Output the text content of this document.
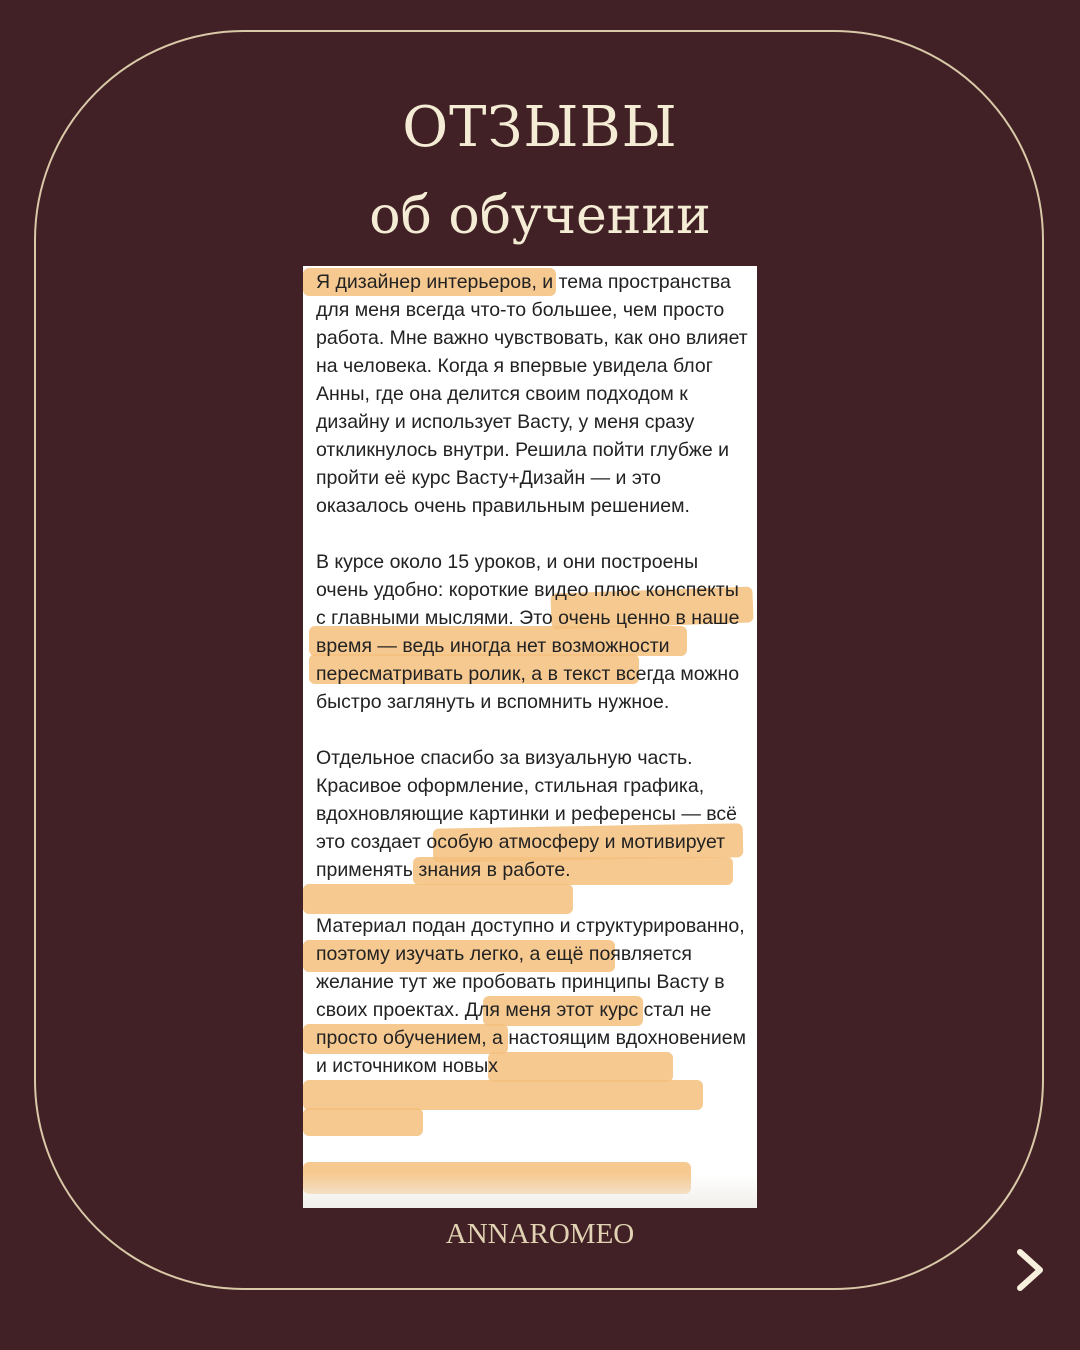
ОТЗЫВЫ
об обучении

Я дизайнер интерьеров, и тема пространства для меня всегда что-то большее, чем просто работа. Мне важно чувствовать, как оно влияет на человека. Когда я впервые увидела блог Анны, где она делится своим подходом к дизайну и использует Васту, у меня сразу откликнулось внутри. Решила пойти глубже и пройти её курс Васту+Дизайн — и это оказалось очень правильным решением.

В курсе около 15 уроков, и они построены очень удобно: короткие видео плюс конспекты с главными мыслями. Это очень ценно в наше время — ведь иногда нет возможности пересматривать ролик, а в текст всегда можно быстро заглянуть и вспомнить нужное.

Отдельное спасибо за визуальную часть. Красивое оформление, стильная графика, вдохновляющие картинки и референсы — всё это создает особую атмосферу и мотивирует применять знания в работе.

Материал подан доступно и структурированно, поэтому изучать легко, а ещё появляется желание тут же пробовать принципы Васту в своих проектах. Для меня этот курс стал не просто обучением, а настоящим вдохновением и источником новых

ANNAROMEO
